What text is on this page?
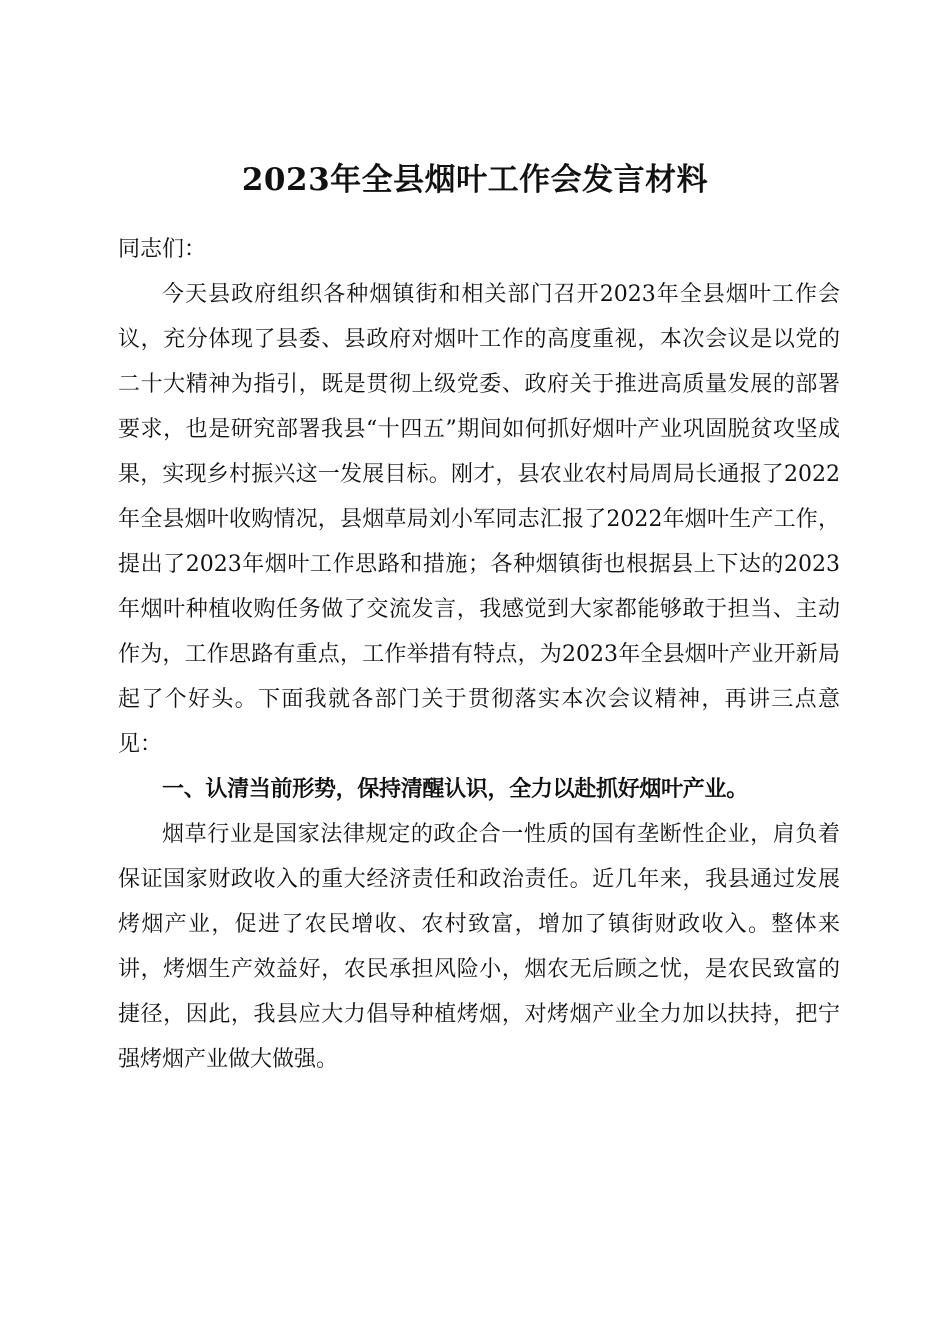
2023年全县烟叶工作会发言材料

同志们：

今天县政府组织各种烟镇街和相关部门召开2023年全县烟叶工作会议，充分体现了县委、县政府对烟叶工作的高度重视，本次会议是以党的二十大精神为指引，既是贯彻上级党委、政府关于推进高质量发展的部署要求，也是研究部署我县“十四五”期间如何抓好烟叶产业巩固脱贫攻坚成果，实现乡村振兴这一发展目标。刚才，县农业农村局周局长通报了2022年全县烟叶收购情况，县烟草局刘小军同志汇报了2022年烟叶生产工作，提出了2023年烟叶工作思路和措施；各种烟镇街也根据县上下达的2023年烟叶种植收购任务做了交流发言，我感觉到大家都能够敢于担当、主动作为，工作思路有重点，工作举措有特点，为2023年全县烟叶产业开新局起了个好头。下面我就各部门关于贯彻落实本次会议精神，再讲三点意见：

一、认清当前形势，保持清醒认识，全力以赴抓好烟叶产业。

烟草行业是国家法律规定的政企合一性质的国有垄断性企业，肩负着保证国家财政收入的重大经济责任和政治责任。近几年来，我县通过发展烤烟产业，促进了农民增收、农村致富，增加了镇街财政收入。整体来讲，烤烟生产效益好，农民承担风险小，烟农无后顾之忧，是农民致富的捷径，因此，我县应大力倡导种植烤烟，对烤烟产业全力加以扶持，把宁强烤烟产业做大做强。
